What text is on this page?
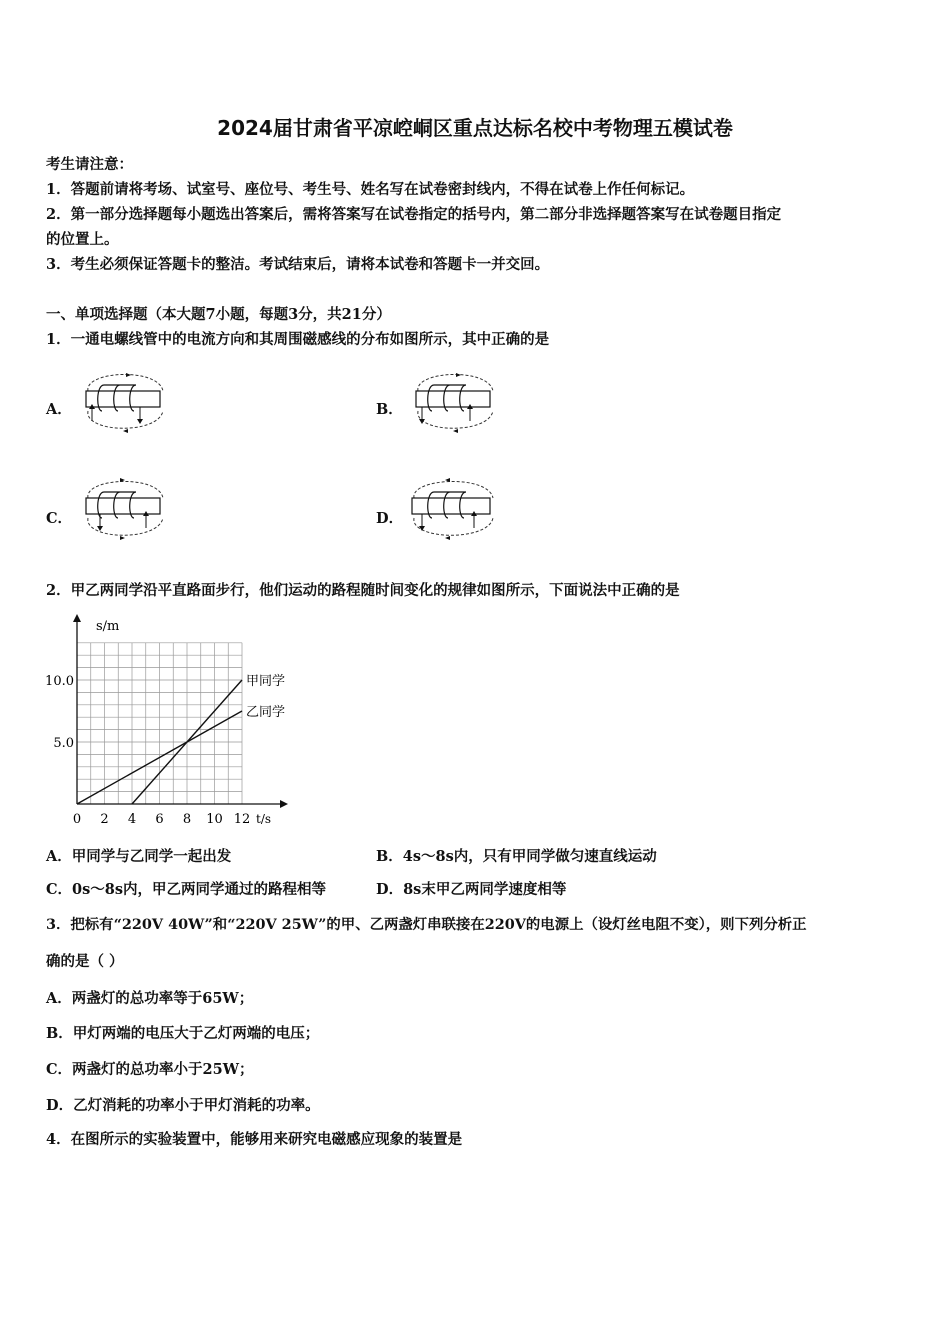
2024届甘肃省平凉崆峒区重点达标名校中考物理五模试卷
考生请注意：
1．答题前请将考场、试室号、座位号、考生号、姓名写在试卷密封线内，不得在试卷上作任何标记。
2．第一部分选择题每小题选出答案后，需将答案写在试卷指定的括号内，第二部分非选择题答案写在试卷题目指定
的位置上。
3．考生必须保证答题卡的整洁。考试结束后，请将本试卷和答题卡一并交回。
一、单项选择题（本大题7小题，每题3分，共21分）
1．一通电螺线管中的电流方向和其周围磁感线的分布如图所示，其中正确的是
A．	B．
C．	D．
2．甲乙两同学沿平直路面步行，他们运动的路程随时间变化的规律如图所示，下面说法中正确的是
s/m
t/s
0 2 4 6 8 10 12
5.0
10.0	甲同学
乙同学
A．甲同学与乙同学一起出发	B．4s～8s内，只有甲同学做匀速直线运动
C．0s～8s内，甲乙两同学通过的路程相等	D．8s末甲乙两同学速度相等
3．把标有“220V 40W”和“220V 25W”的甲、乙两盏灯串联接在220V的电源上（设灯丝电阻不变），则下列分析正
确的是（ ）
A．两盏灯的总功率等于65W；
B．甲灯两端的电压大于乙灯两端的电压；
C．两盏灯的总功率小于25W；
D．乙灯消耗的功率小于甲灯消耗的功率。
4．在图所示的实验装置中，能够用来研究电磁感应现象的装置是
